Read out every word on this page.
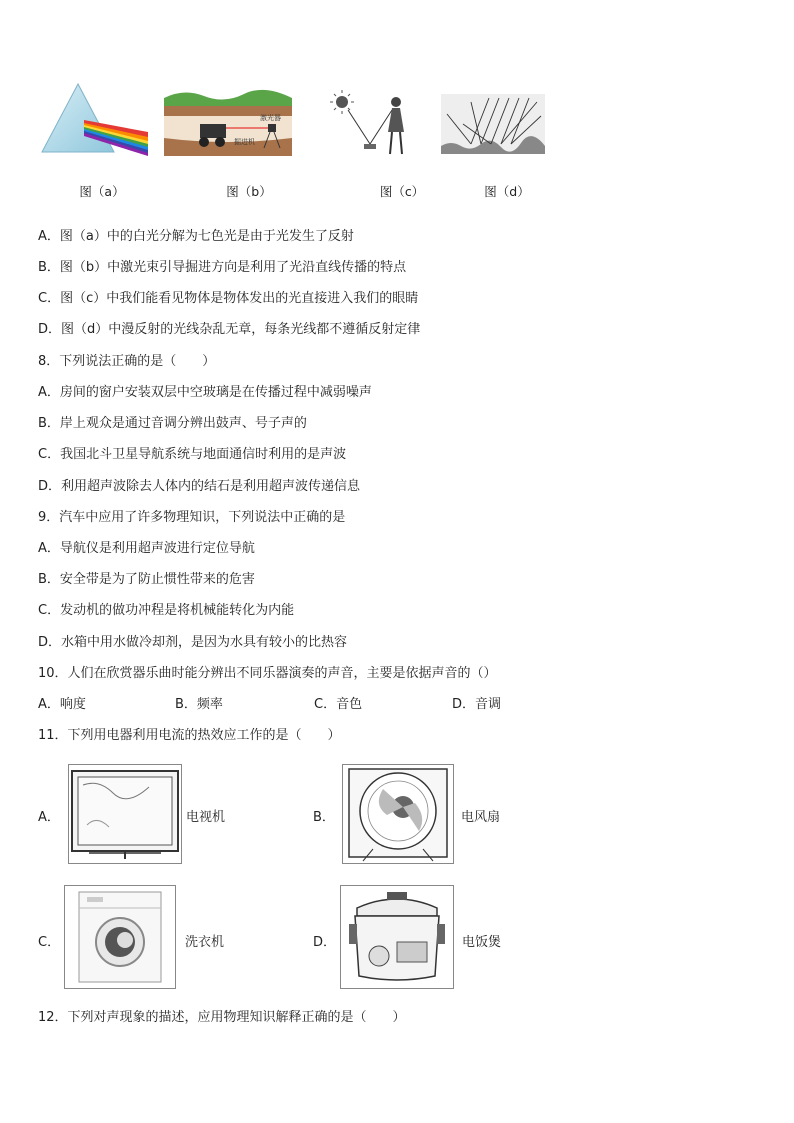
激光器
掘进机
图（a）	图（b）	图（c）	图（d）
A．图（a）中的白光分解为七色光是由于光发生了反射
B．图（b）中激光束引导掘进方向是利用了光沿直线传播的特点
C．图（c）中我们能看见物体是物体发出的光直接进入我们的眼睛
D．图（d）中漫反射的光线杂乱无章，每条光线都不遵循反射定律
8．下列说法正确的是（　　）
A．房间的窗户安装双层中空玻璃是在传播过程中减弱噪声
B．岸上观众是通过音调分辨出鼓声、号子声的
C．我国北斗卫星导航系统与地面通信时利用的是声波
D．利用超声波除去人体内的结石是利用超声波传递信息
9．汽车中应用了许多物理知识，下列说法中正确的是
A．导航仪是利用超声波进行定位导航
B．安全带是为了防止惯性带来的危害
C．发动机的做功冲程是将机械能转化为内能
D．水箱中用水做冷却剂，是因为水具有较小的比热容
10．人们在欣赏器乐曲时能分辨出不同乐器演奏的声音，主要是依据声音的（）
A．响度	B．频率	C．音色	D．音调
11．下列用电器利用电流的热效应工作的是（　　）
A．	电视机	B．	电风扇
C．	洗衣机	D．	电饭煲
12．下列对声现象的描述，应用物理知识解释正确的是（　　）
